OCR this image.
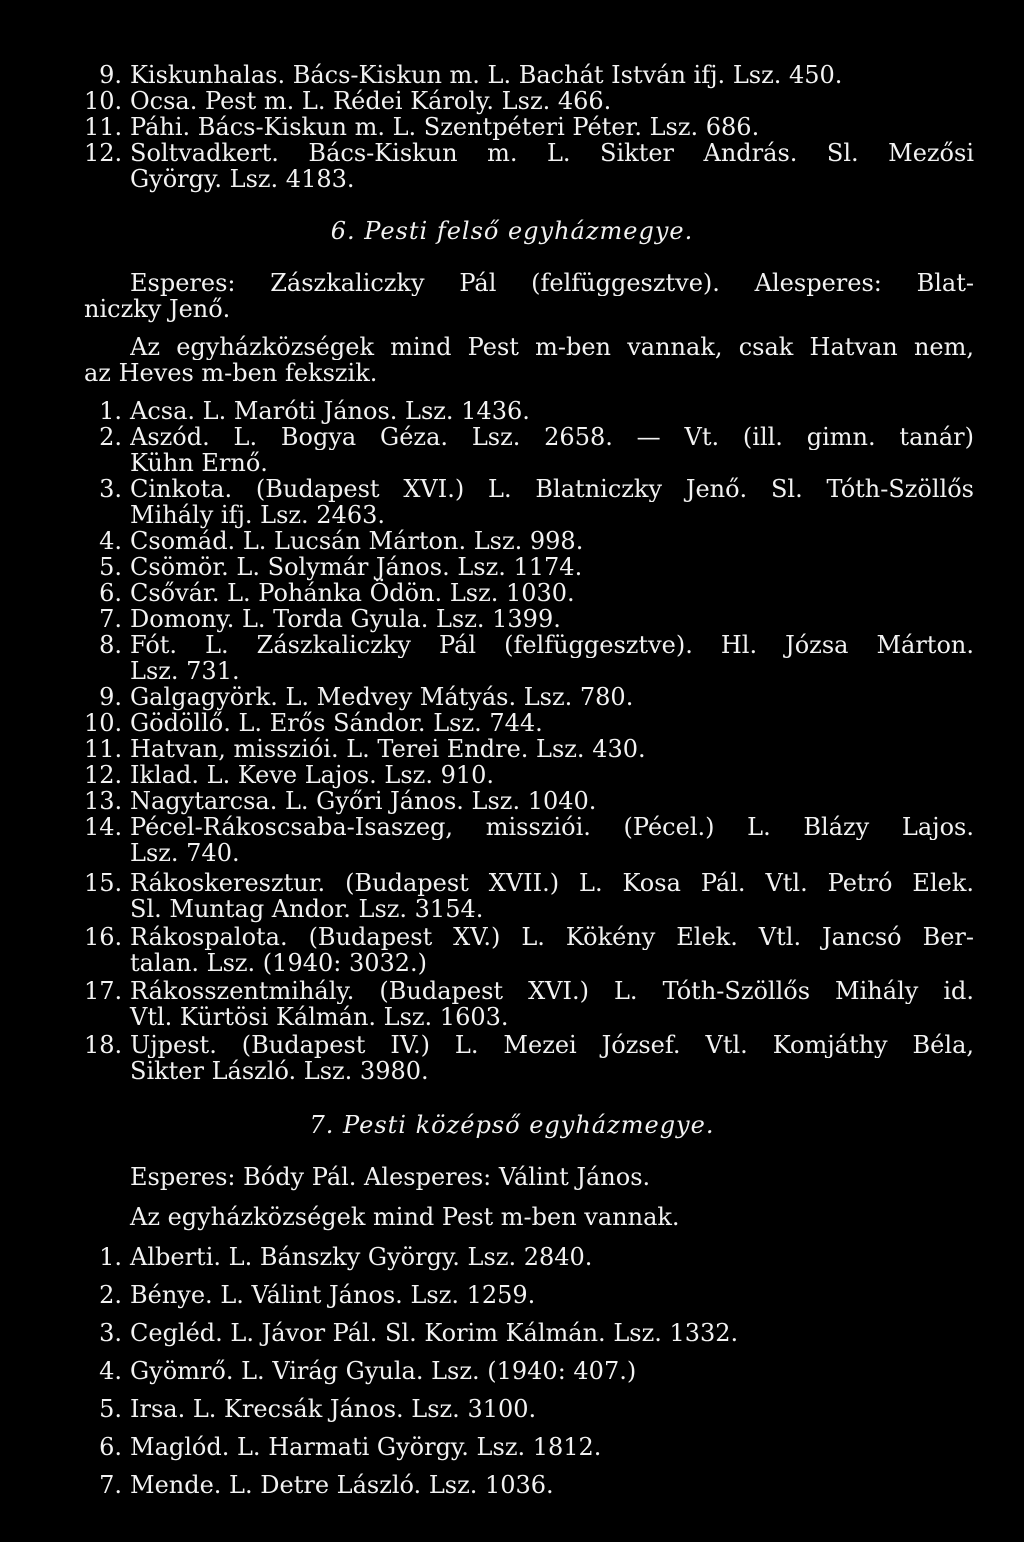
9. Kiskunhalas. Bács-Kiskun m. L. Bachát István ifj. Lsz. 450.
10. Ocsa. Pest m. L. Rédei Károly. Lsz. 466.
11. Páhi. Bács-Kiskun m. L. Szentpéteri Péter. Lsz. 686.
12. Soltvadkert. Bács-Kiskun m. L. Sikter András. Sl. Mezősi
György. Lsz. 4183.
6. Pesti felső egyházmegye.
Esperes: Zászkaliczky Pál (felfüggesztve). Alesperes: Blat-
niczky Jenő.
Az egyházközségek mind Pest m-ben vannak, csak Hatvan nem,
az Heves m-ben fekszik.
1. Acsa. L. Maróti János. Lsz. 1436.
2. Aszód. L. Bogya Géza. Lsz. 2658. — Vt. (ill. gimn. tanár)
Kühn Ernő.
3. Cinkota. (Budapest XVI.) L. Blatniczky Jenő. Sl. Tóth-Szöllős
Mihály ifj. Lsz. 2463.
4. Csomád. L. Lucsán Márton. Lsz. 998.
5. Csömör. L. Solymár János. Lsz. 1174.
6. Csővár. L. Pohánka Ödön. Lsz. 1030.
7. Domony. L. Torda Gyula. Lsz. 1399.
8. Fót. L. Zászkaliczky Pál (felfüggesztve). Hl. Józsa Márton.
Lsz. 731.
9. Galgagyörk. L. Medvey Mátyás. Lsz. 780.
10. Gödöllő. L. Erős Sándor. Lsz. 744.
11. Hatvan, missziói. L. Terei Endre. Lsz. 430.
12. Iklad. L. Keve Lajos. Lsz. 910.
13. Nagytarcsa. L. Győri János. Lsz. 1040.
14. Pécel-Rákoscsaba-Isaszeg, missziói. (Pécel.) L. Blázy Lajos.
Lsz. 740.
15. Rákoskeresztur. (Budapest XVII.) L. Kosa Pál. Vtl. Petró Elek.
Sl. Muntag Andor. Lsz. 3154.
16. Rákospalota. (Budapest XV.) L. Kökény Elek. Vtl. Jancsó Ber-
talan. Lsz. (1940: 3032.)
17. Rákosszentmihály. (Budapest XVI.) L. Tóth-Szöllős Mihály id.
Vtl. Kürtösi Kálmán. Lsz. 1603.
18. Ujpest. (Budapest IV.) L. Mezei József. Vtl. Komjáthy Béla,
Sikter László. Lsz. 3980.
7. Pesti középső egyházmegye.
Esperes: Bódy Pál. Alesperes: Válint János.
Az egyházközségek mind Pest m-ben vannak.
1. Alberti. L. Bánszky György. Lsz. 2840.
2. Bénye. L. Válint János. Lsz. 1259.
3. Cegléd. L. Jávor Pál. Sl. Korim Kálmán. Lsz. 1332.
4. Gyömrő. L. Virág Gyula. Lsz. (1940: 407.)
5. Irsa. L. Krecsák János. Lsz. 3100.
6. Maglód. L. Harmati György. Lsz. 1812.
7. Mende. L. Detre László. Lsz. 1036.
